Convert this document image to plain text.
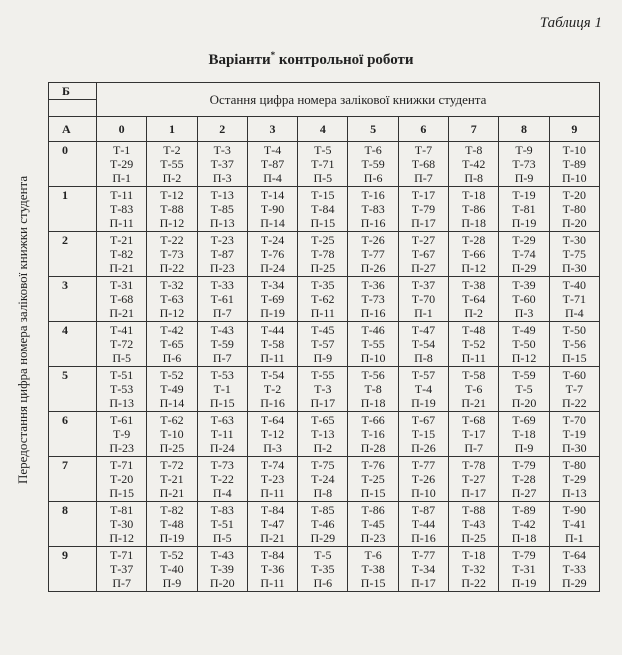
Таблиця 1
Варіанти* контрольної роботи
Передостання цифра номера залікової книжки студента
Б	Остання цифра номера залікової книжки студента									

А	0	1	2	3	4	5	6	7	8	9
0	Т-1
Т-29
П-1	Т-2
Т-55
П-2	Т-3
Т-37
П-3	Т-4
Т-87
П-4	Т-5
Т-71
П-5	Т-6
Т-59
П-6	Т-7
Т-68
П-7	Т-8
Т-42
П-8	Т-9
Т-73
П-9	Т-10
Т-89
П-10

1	Т-11
Т-83
П-11	Т-12
Т-88
П-12	Т-13
Т-85
П-13	Т-14
Т-90
П-14	Т-15
Т-84
П-15	Т-16
Т-83
П-16	Т-17
Т-79
П-17	Т-18
Т-86
П-18	Т-19
Т-81
П-19	Т-20
Т-80
П-20

2	Т-21
Т-82
П-21	Т-22
Т-73
П-22	Т-23
Т-87
П-23	Т-24
Т-76
П-24	Т-25
Т-78
П-25	Т-26
Т-77
П-26	Т-27
Т-67
П-27	Т-28
Т-66
П-12	Т-29
Т-74
П-29	Т-30
Т-75
П-30

3	Т-31
Т-68
П-21	Т-32
Т-63
П-12	Т-33
Т-61
П-7	Т-34
Т-69
П-19	Т-35
Т-62
П-11	Т-36
Т-73
П-16	Т-37
Т-70
П-1	Т-38
Т-64
П-2	Т-39
Т-60
П-3	Т-40
Т-71
П-4

4	Т-41
Т-72
П-5	Т-42
Т-65
П-6	Т-43
Т-59
П-7	Т-44
Т-58
П-11	Т-45
Т-57
П-9	Т-46
Т-55
П-10	Т-47
Т-54
П-8	Т-48
Т-52
П-11	Т-49
Т-50
П-12	Т-50
Т-56
П-15

5	Т-51
Т-53
П-13	Т-52
Т-49
П-14	Т-53
Т-1
П-15	Т-54
Т-2
П-16	Т-55
Т-3
П-17	Т-56
Т-8
П-18	Т-57
Т-4
П-19	Т-58
Т-6
П-21	Т-59
Т-5
П-20	Т-60
Т-7
П-22

6	Т-61
Т-9
П-23	Т-62
Т-10
П-25	Т-63
Т-11
П-24	Т-64
Т-12
П-3	Т-65
Т-13
П-2	Т-66
Т-16
П-28	Т-67
Т-15
П-26	Т-68
Т-17
П-7	Т-69
Т-18
П-9	Т-70
Т-19
П-30

7	Т-71
Т-20
П-15	Т-72
Т-21
П-21	Т-73
Т-22
П-4	Т-74
Т-23
П-11	Т-75
Т-24
П-8	Т-76
Т-25
П-15	Т-77
Т-26
П-10	Т-78
Т-27
П-17	Т-79
Т-28
П-27	Т-80
Т-29
П-13

8	Т-81
Т-30
П-12	Т-82
Т-48
П-19	Т-83
Т-51
П-5	Т-84
Т-47
П-21	Т-85
Т-46
П-29	Т-86
Т-45
П-23	Т-87
Т-44
П-16	Т-88
Т-43
П-25	Т-89
Т-42
П-18	Т-90
Т-41
П-1

9	Т-71
Т-37
П-7	Т-52
Т-40
П-9	Т-43
Т-39
П-20	Т-84
Т-36
П-11	Т-5
Т-35
П-6	Т-6
Т-38
П-15	Т-77
Т-34
П-17	Т-18
Т-32
П-22	Т-79
Т-31
П-19	Т-64
Т-33
П-29
